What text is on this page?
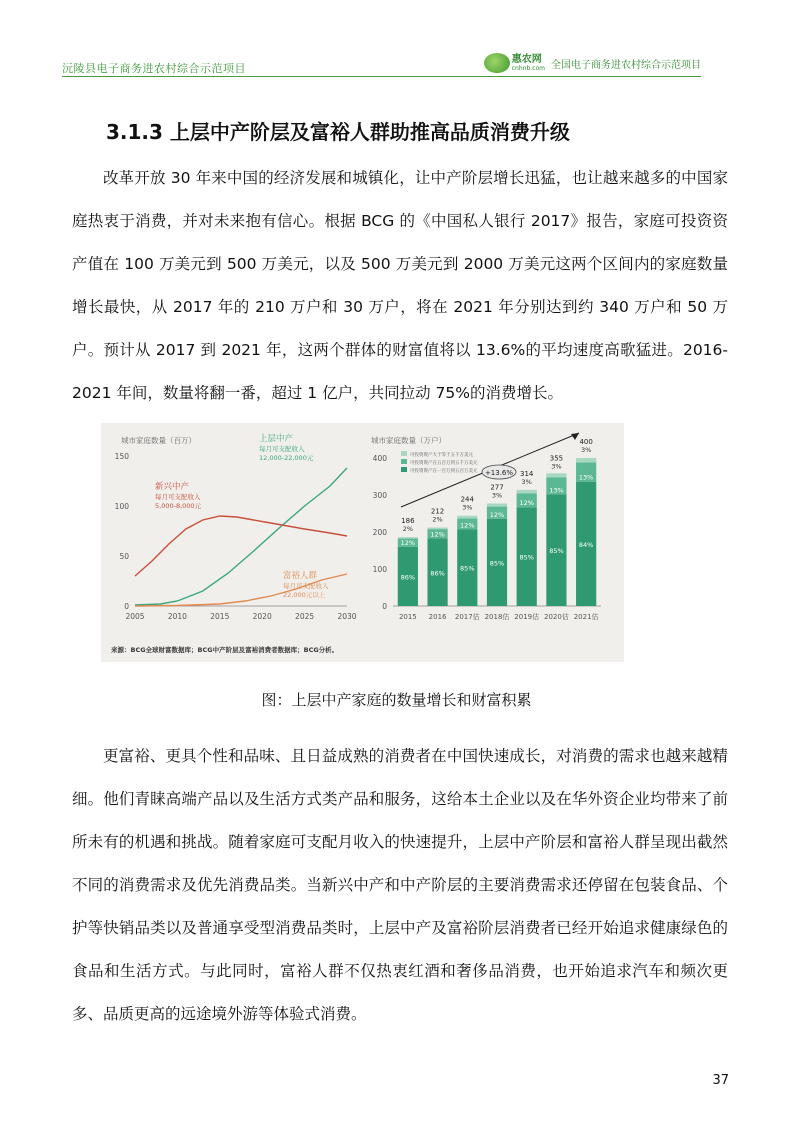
沅陵县电子商务进农村综合示范项目
惠农网
cnhnb.com 全国电子商务进农村综合示范项目
3.1.3 上层中产阶层及富裕人群助推高品质消费升级
改革开放 30 年来中国的经济发展和城镇化，让中产阶层增长迅猛，也让越来越多的中国家庭热衷于消费，并对未来抱有信心。根据 BCG 的《中国私人银行 2017》报告，家庭可投资资产值在 100 万美元到 500 万美元，以及 500 万美元到 2000 万美元这两个区间内的家庭数量增长最快，从 2017 年的 210 万户和 30 万户，将在 2021 年分别达到约 340 万户和 50 万户。预计从 2017 到 2021 年，这两个群体的财富值将以 13.6%的平均速度高歌猛进。2016-2021 年间，数量将翻一番，超过 1 亿户，共同拉动 75%的消费增长。
城市家庭数量（百万）
0
50
100
150
2005	2010	2015	2020	2025	2030
上层中产
每月可支配收入
12,000-22,000元
新兴中产
每月可支配收入
5,000-8,000元
富裕人群
每月可支配收入
22,000元以上
城市家庭数量（万户）
0
100
200
300
400
86%
12%
2%
186
2015
86%
12%
2%
212
2016
85%
12%
3%
244
2017估
85%
12%
3%
277
2018估
85%
12%
3%
314
2019估
85%
13%
3%
355
2020估
84%
13%
3%
400
2021估
+13.6%
可投资资产大于等于五千万美元
可投资资产在五百万到五千万美元
可投资资产在一百万到五百万美元
来源：BCG全球财富数据库；BCG中产阶层及富裕消费者数据库；BCG分析。
图：上层中产家庭的数量增长和财富积累
更富裕、更具个性和品味、且日益成熟的消费者在中国快速成长，对消费的需求也越来越精细。他们青睐高端产品以及生活方式类产品和服务，这给本土企业以及在华外资企业均带来了前所未有的机遇和挑战。随着家庭可支配月收入的快速提升，上层中产阶层和富裕人群呈现出截然不同的消费需求及优先消费品类。当新兴中产和中产阶层的主要消费需求还停留在包装食品、个护等快销品类以及普通享受型消费品类时，上层中产及富裕阶层消费者已经开始追求健康绿色的食品和生活方式。与此同时，富裕人群不仅热衷红酒和奢侈品消费，也开始追求汽车和频次更多、品质更高的远途境外游等体验式消费。
37
